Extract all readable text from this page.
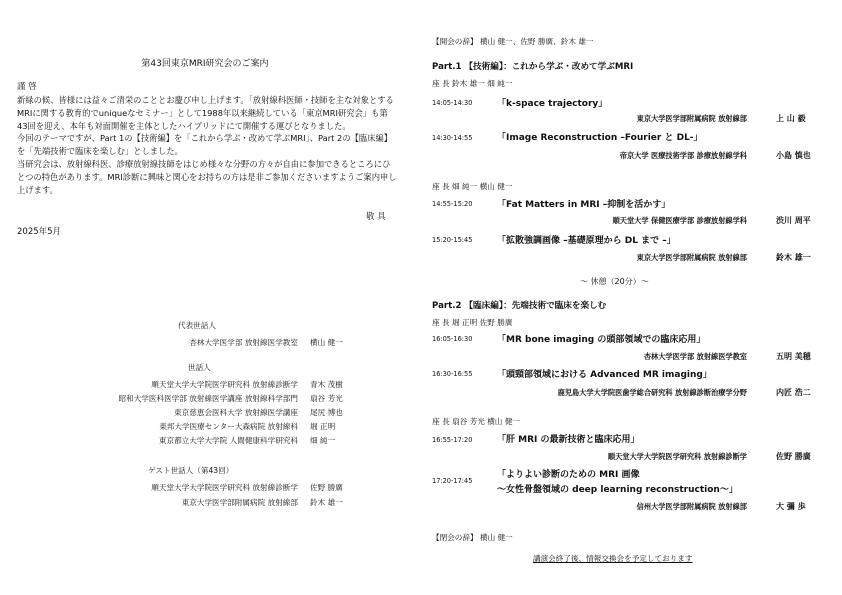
第43回東京MRI研究会のご案内
謹 啓

新緑の候、皆様には益々ご清栄のこととお慶び申し上げます。「放射線科医師・技師を主な対象とするMRIに関する教育的でuniqueなセミナー」として1988年以来継続している「東京MRI研究会」も第43回を迎え、本年も対面開催を主体としたハイブリッドにて開催する運びとなりました。

今回のテーマですが、Part 1の【技術編】を「これから学ぶ・改めて学ぶMRI」、Part 2の【臨床編】を「先端技術で臨床を楽しむ」としました。

当研究会は、放射線科医、診療放射線技師をはじめ様々な分野の方々が自由に参加できるところにひとつの特色があります。MRI診断に興味と関心をお持ちの方は是非ご参加くださいますようご案内申し上げます。

敬 具
2025年5月
代表世話人
杏林大学医学部 放射線医学教室 横山 健一
世話人
順天堂大学大学院医学研究科 放射線診断学 青木 茂樹
昭和大学医科医学部 放射線医学講座 放射線科学部門 扇谷 芳光
東京慈恵会医科大学 放射線医学講座 尾尻 博也
東邦大学医療センター大森病院 放射線科 堀 正明
東京都立大学大学院 人間健康科学研究科 畑 純一
ゲスト世話人（第43回）
順天堂大学大学院医学研究科 放射線診断学 佐野 勝廣
東京大学医学部附属病院 放射線部 鈴木 雄一
【開会の辞】 横山 健一、佐野 勝廣、鈴木 雄一
Part.1 【技術編】：これから学ぶ・改めて学ぶMRI
座 長 鈴木 雄一 畑 純一
14:05-14:30	「k-space trajectory」
東京大学医学部附属病院 放射線部	上 山 毅
14:30-14:55	「Image Reconstruction –Fourier と DL-」
帝京大学 医療技術学部 診療放射線学科	小島 慎也
座 長 畑 純一 横山 健一
14:55-15:20	「Fat Matters in MRI –抑制を活かす」
順天堂大学 保健医療学部 診療放射線学科	渋川 周平
15:20-15:45	「拡散強調画像 –基礎原理から DL まで –」
東京大学医学部附属病院 放射線部	鈴木 雄一
〜 休憩（20分）〜
Part.2 【臨床編】：先端技術で臨床を楽しむ
座 長 堀 正明 佐野 勝廣
16:05-16:30	「MR bone imaging の頭部領域での臨床応用」
杏林大学医学部 放射線医学教室	五明 美穂
16:30-16:55	「頭頸部領域における Advanced MR imaging」
鹿児島大学大学院医歯学総合研究科 放射線診断治療学分野	内匠 浩二
座 長 扇谷 芳光 横山 健一
16:55-17:20	「肝 MRI の最新技術と臨床応用」
順天堂大学大学院医学研究科 放射線診断学	佐野 勝廣
17:20-17:45
「よりよい診断のための MRI 画像
〜女性骨盤領域の deep learning reconstruction〜」
信州大学医学部附属病院 放射線部	大 彌 歩
【閉会の辞】 横山 健一
講演会終了後、情報交換会を予定しております
